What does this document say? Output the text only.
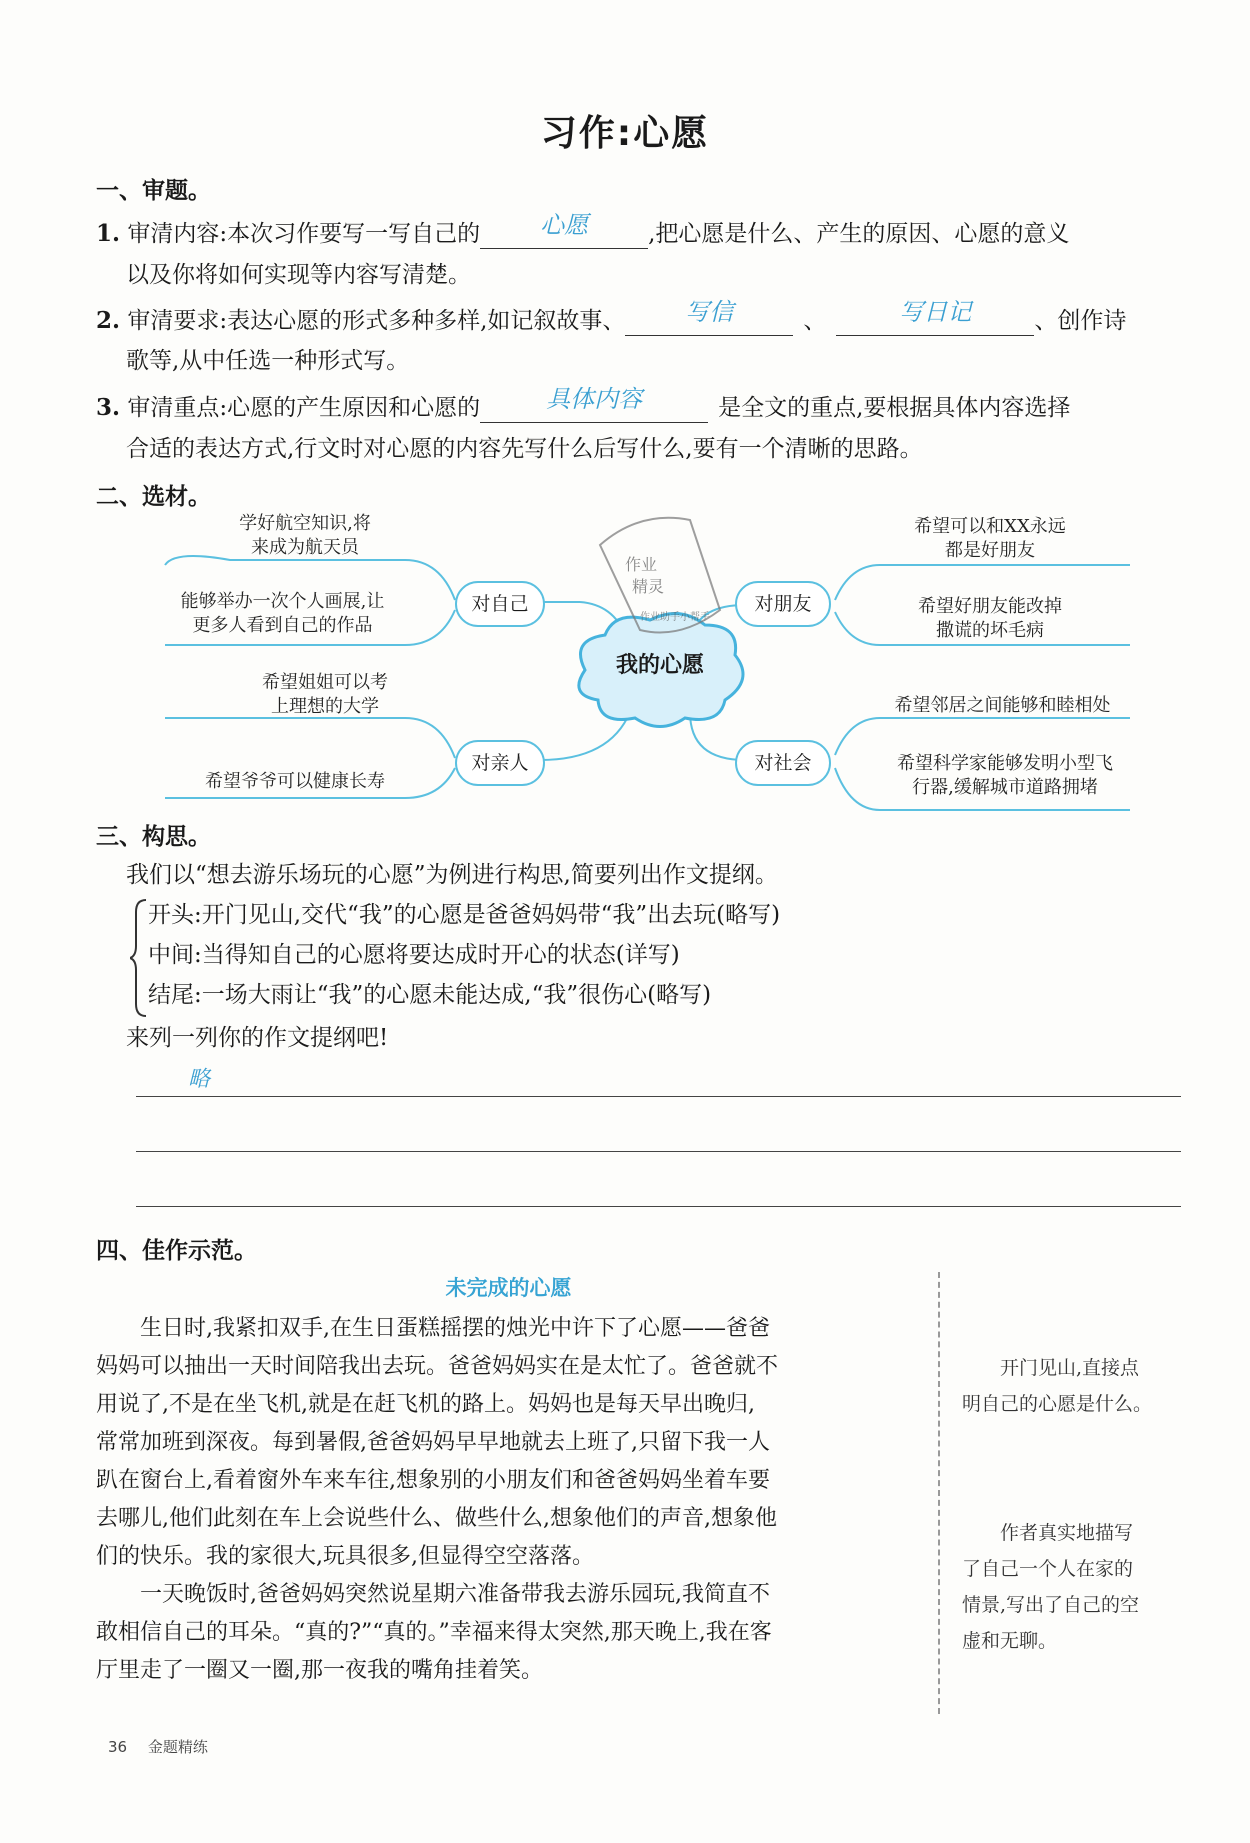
习作:心愿
一、审题。
1. 审清内容:本次习作要写一写自己的	心愿	,把心愿是什么、产生的原因、心愿的意义
以及你将如何实现等内容写清楚。
2. 审清要求:表达心愿的形式多种多样,如记叙故事、	写信	、	写日记	、创作诗
歌等,从中任选一种形式写。
3. 审清重点:心愿的产生原因和心愿的	具体内容	是全文的重点,要根据具体内容选择
合适的表达方式,行文时对心愿的内容先写什么后写什么,要有一个清晰的思路。
二、选材。
作业
精灵
作业助手小帮手
学好航空知识,将
来成为航天员
能够举办一次个人画展,让
更多人看到自己的作品
对自己
希望可以和XX永远
都是好朋友
希望好朋友能改掉
撒谎的坏毛病
对朋友
我的心愿
希望姐姐可以考
上理想的大学
希望爷爷可以健康长寿
对亲人
希望邻居之间能够和睦相处
希望科学家能够发明小型飞
行器,缓解城市道路拥堵
对社会
三、构思。
我们以“想去游乐场玩的心愿”为例进行构思,简要列出作文提纲。
开头:开门见山,交代“我”的心愿是爸爸妈妈带“我”出去玩(略写)
中间:当得知自己的心愿将要达成时开心的状态(详写)
结尾:一场大雨让“我”的心愿未能达成,“我”很伤心(略写)
来列一列你的作文提纲吧!
略
四、佳作示范。
未完成的心愿
生日时,我紧扣双手,在生日蛋糕摇摆的烛光中许下了心愿——爸爸
妈妈可以抽出一天时间陪我出去玩。爸爸妈妈实在是太忙了。爸爸就不
用说了,不是在坐飞机,就是在赶飞机的路上。妈妈也是每天早出晚归,
常常加班到深夜。每到暑假,爸爸妈妈早早地就去上班了,只留下我一人
趴在窗台上,看着窗外车来车往,想象别的小朋友们和爸爸妈妈坐着车要
去哪儿,他们此刻在车上会说些什么、做些什么,想象他们的声音,想象他
们的快乐。我的家很大,玩具很多,但显得空空落落。
一天晚饭时,爸爸妈妈突然说星期六准备带我去游乐园玩,我简直不
敢相信自己的耳朵。“真的?”“真的。”幸福来得太突然,那天晚上,我在客
厅里走了一圈又一圈,那一夜我的嘴角挂着笑。
开门见山,直接点
明自己的心愿是什么。
作者真实地描写
了自己一个人在家的
情景,写出了自己的空
虚和无聊。
36 金题精练
